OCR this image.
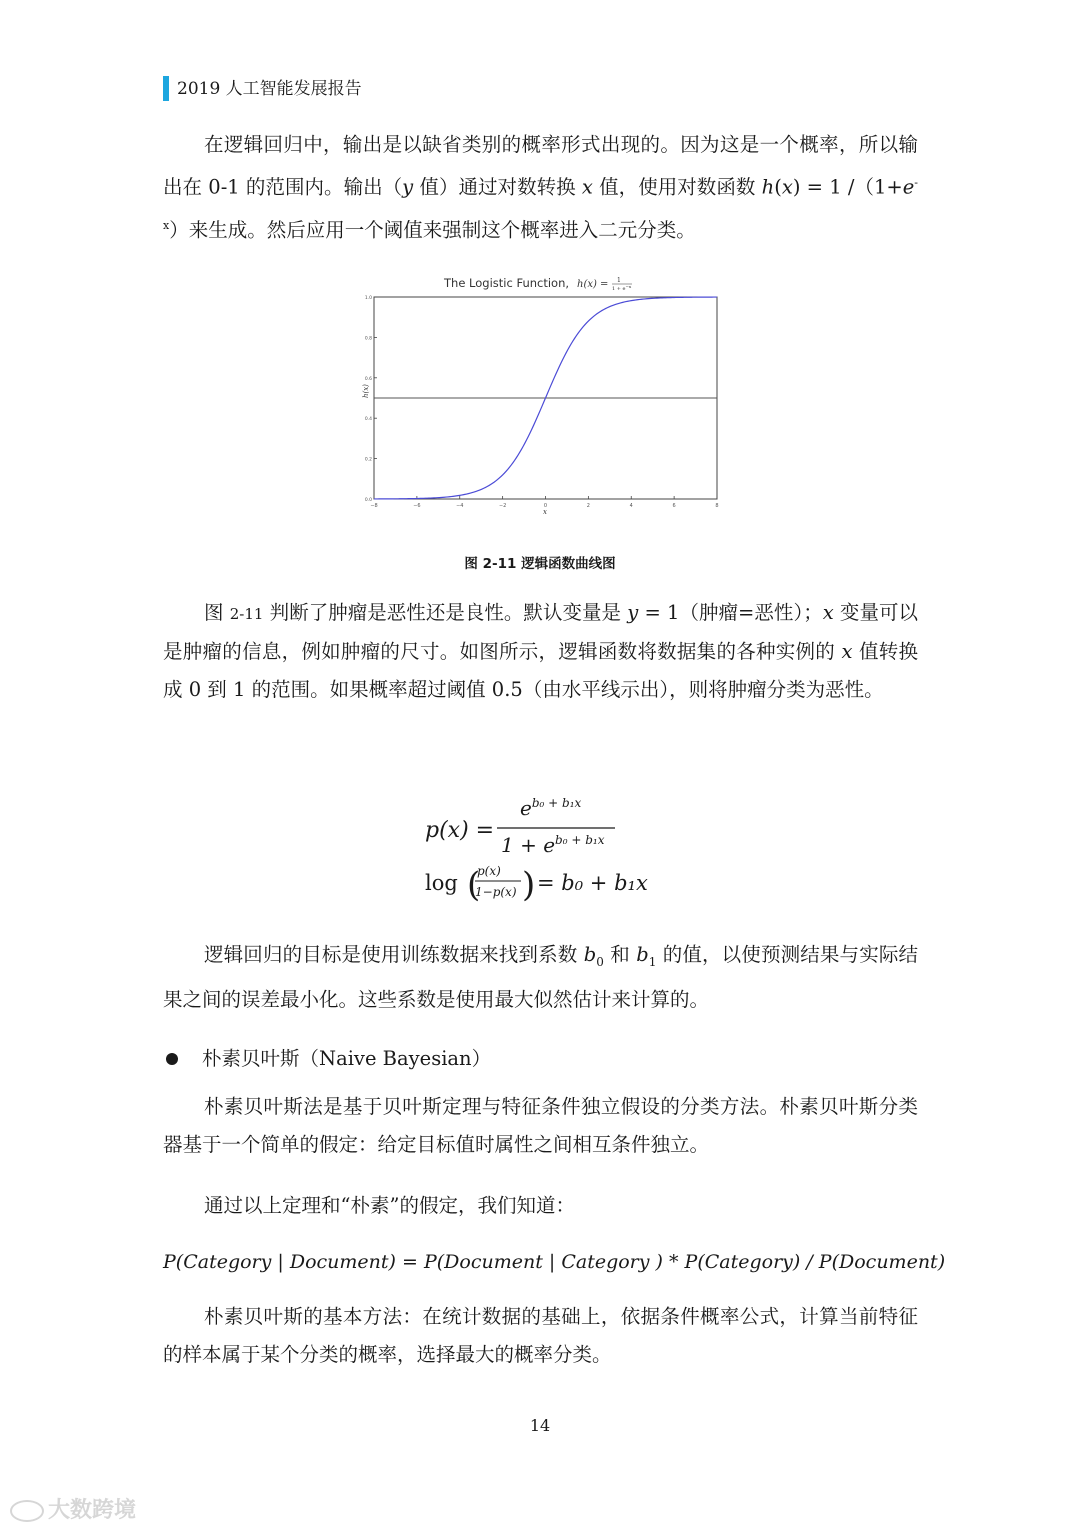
2019 人工智能发展报告

在逻辑回归中，输出是以缺省类别的概率形式出现的。因为这是一个概率，所以输出在 0-1 的范围内。输出（y 值）通过对数转换 x 值，使用对数函数 h(x) = 1 $/(1+e^{-x})$来生成。然后应用一个阈值来强制这个概率进入二元分类。

The Logistic Function, h(x) = 1
$1 + e^{-x}$
−8	−6	−4	−2	0	2	4	6	8
0.0
0.2
0.4
0.6
0.8
1.0
h(x)
x
图 2-11 逻辑函数曲线图

图 2-11 判断了肿瘤是恶性还是良性。默认变量是 y = 1（肿瘤=恶性）；x 变量可以是肿瘤的信息，例如肿瘤的尺寸。如图所示，逻辑函数将数据集的各种实例的 x 值转换成 0 到 1 的范围。如果概率超过阈值 0.5（由水平线示出），则将肿瘤分类为恶性。

p(x) =
$e^{b_0 + b_1x}$
$1 + e^{b_0 + b_1x}$
log (
p(x)
1−p(x) ) = b₀ + b₁x

逻辑回归的目标是使用训练数据来找到系数 $b_0$ 和 $b_1$ 的值，以使预测结果与实际结果之间的误差最小化。这些系数是使用最大似然估计来计算的。

朴素贝叶斯（Naive Bayesian）

朴素贝叶斯法是基于贝叶斯定理与特征条件独立假设的分类方法。朴素贝叶斯分类器基于一个简单的假定：给定目标值时属性之间相互条件独立。

通过以上定理和“朴素”的假定，我们知道：

P(Category | Document) = P(Document | Category ) * P(Category) / P(Document)

朴素贝叶斯的基本方法：在统计数据的基础上，依据条件概率公式，计算当前特征的样本属于某个分类的概率，选择最大的概率分类。

14
大数跨境
